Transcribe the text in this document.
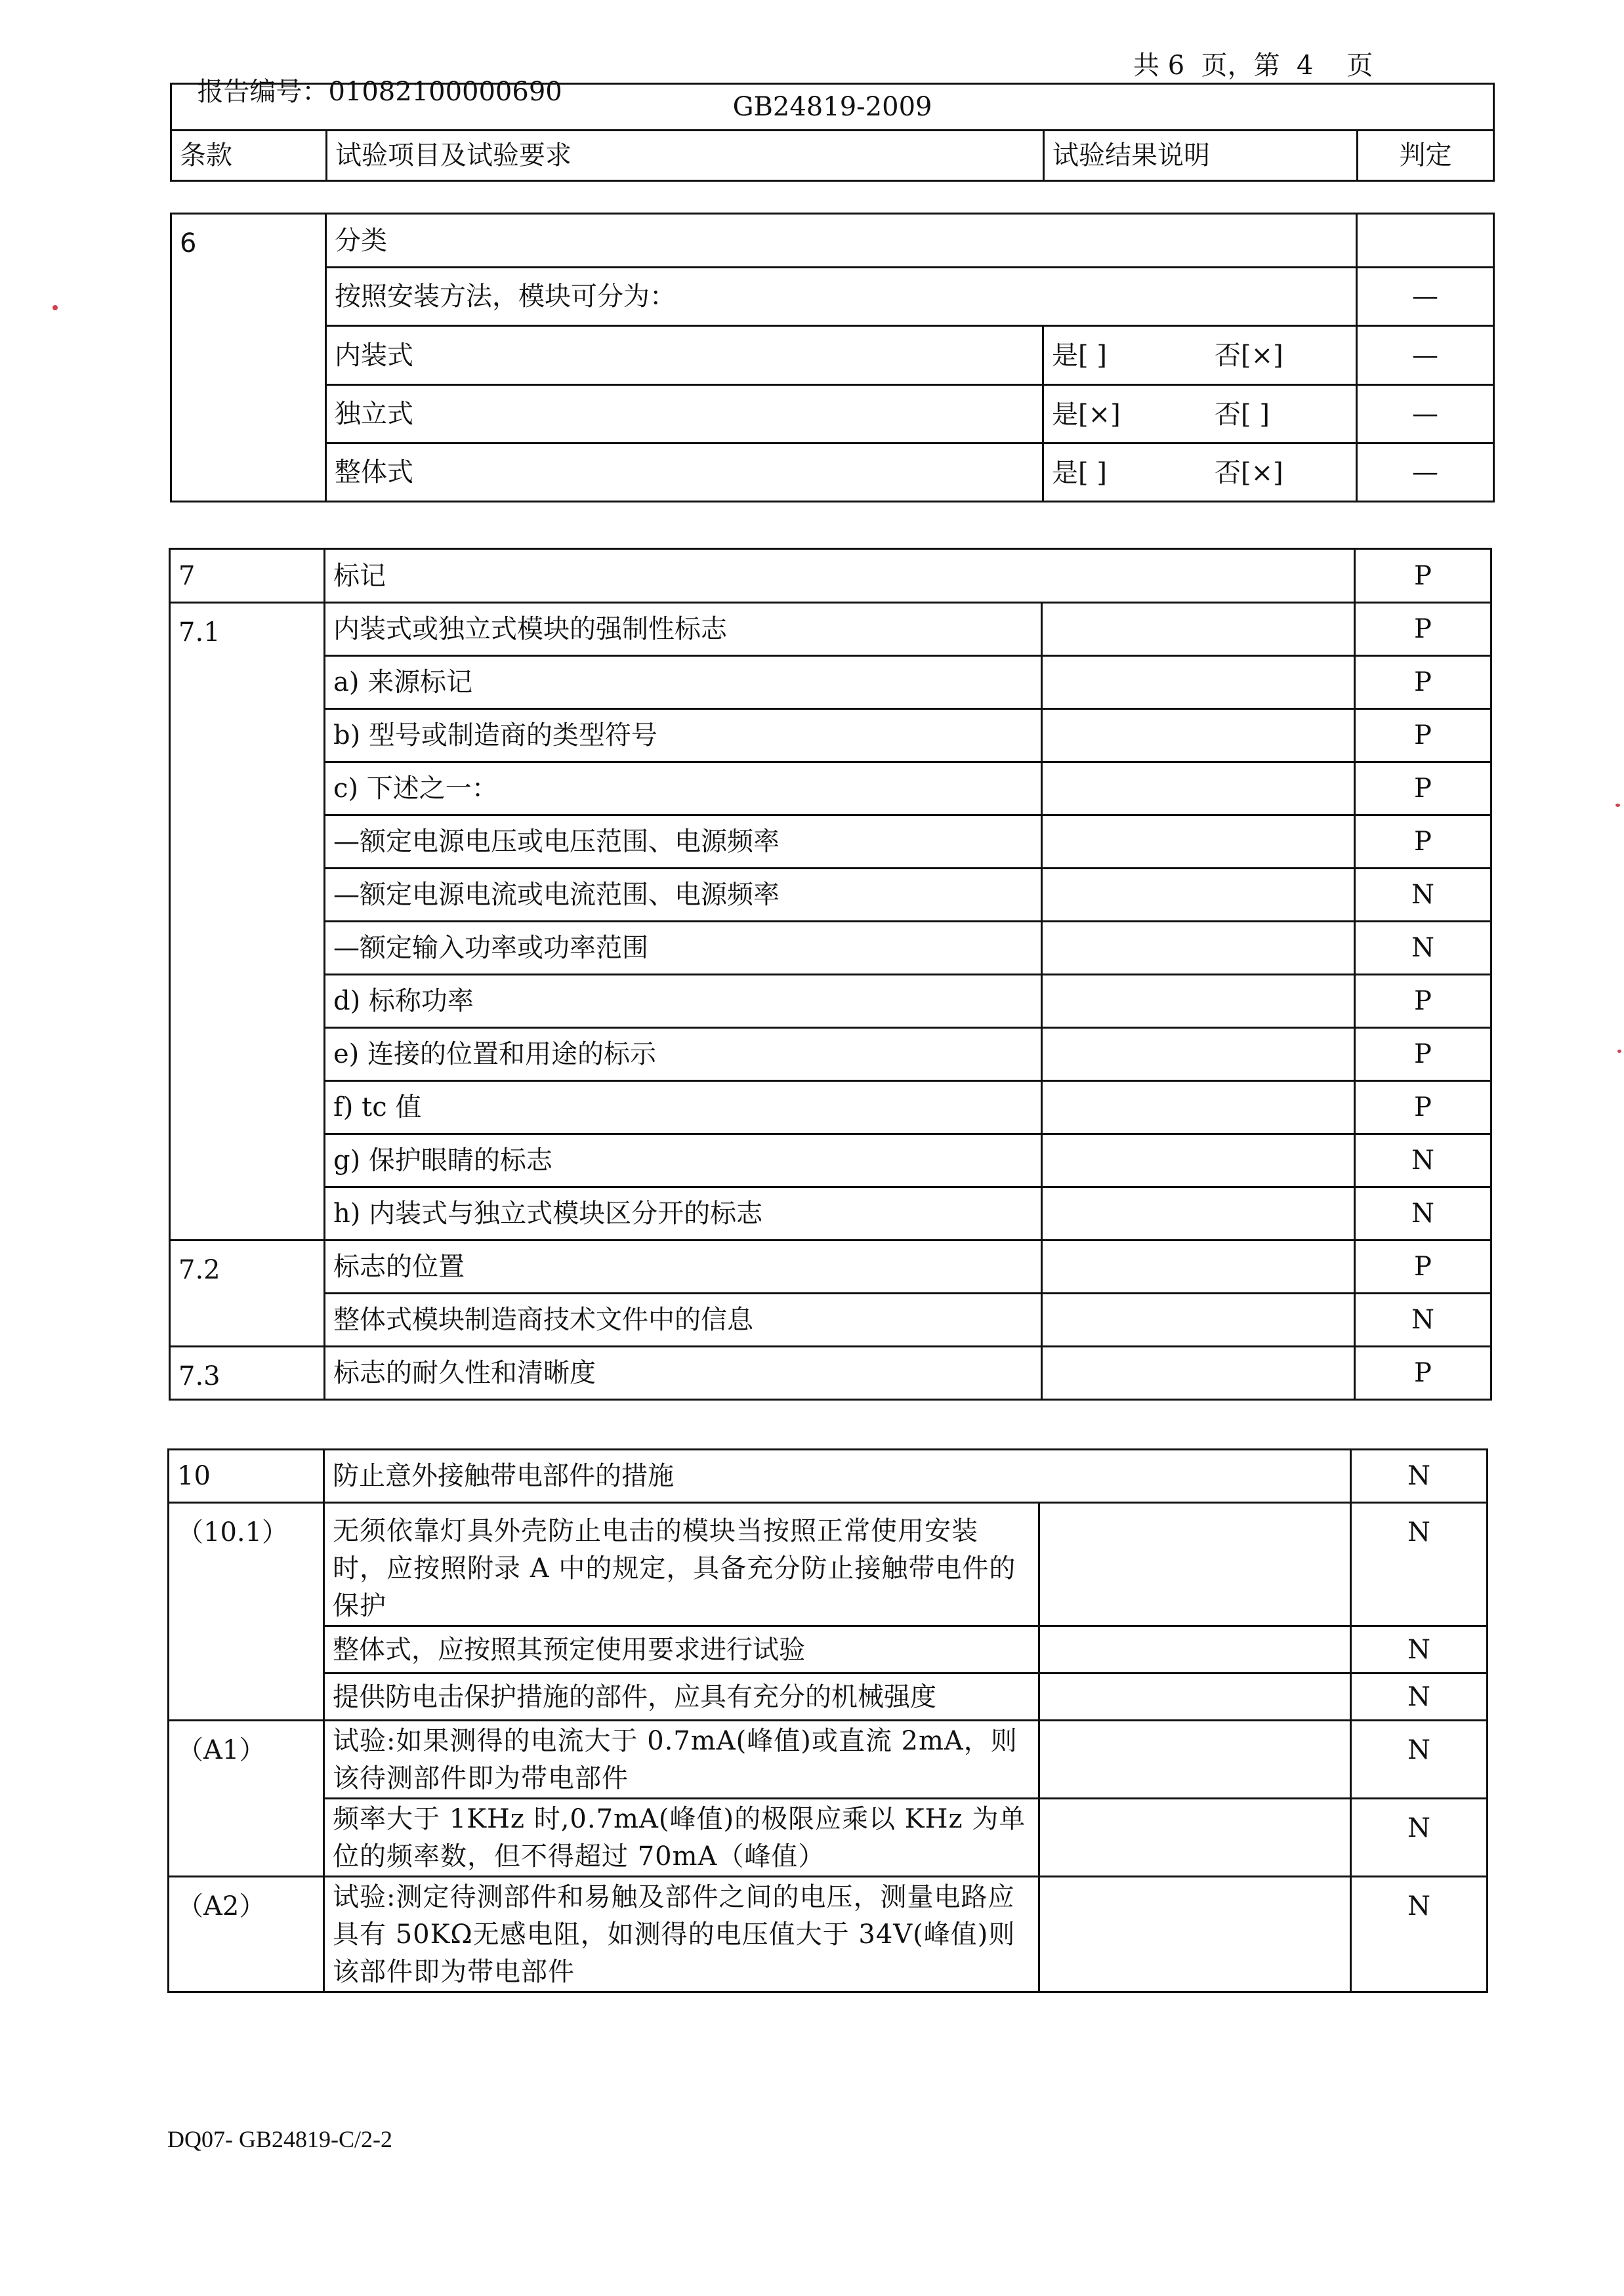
报告编号：01082100000690

共 6  页，第  4    页
GB24819-2009
条款	试验项目及试验要求	试验结果说明	判定
6	分类		
	按照安装方法，模块可分为：		—
	内装式	是[ ] 否[×]	—
	独立式	是[×] 否[ ]	—
	整体式	是[ ] 否[×]	—
7	标记		P
7.1	内装式或独立式模块的强制性标志		P
	a) 来源标记		P
	b) 型号或制造商的类型符号		P
	c) 下述之一：		P
	—额定电源电压或电压范围、电源频率		P
	—额定电源电流或电流范围、电源频率		N
	—额定输入功率或功率范围		N
	d) 标称功率		P
	e) 连接的位置和用途的标示		P
	f) tc 值		P
	g) 保护眼睛的标志		N
	h) 内装式与独立式模块区分开的标志		N
7.2	标志的位置		P
	整体式模块制造商技术文件中的信息		N
7.3	标志的耐久性和清晰度		P
10	防止意外接触带电部件的措施		N
（10.1）	无须依靠灯具外壳防止电击的模块当按照正常使用安装时，应按照附录 A 中的规定，具备充分防止接触带电件的保护		N
	整体式，应按照其预定使用要求进行试验		N
	提供防电击保护措施的部件，应具有充分的机械强度		N
（A1）	试验:如果测得的电流大于 0.7mA(峰值)或直流 2mA，则该待测部件即为带电部件		N
	频率大于 1KHz 时,0.7mA(峰值)的极限应乘以 KHz 为单位的频率数，但不得超过 70mA（峰值）		N
（A2）	试验:测定待测部件和易触及部件之间的电压，测量电路应具有 50KΩ无感电阻，如测得的电压值大于 34V(峰值)则该部件即为带电部件		N
DQ07- GB24819-C/2-2
